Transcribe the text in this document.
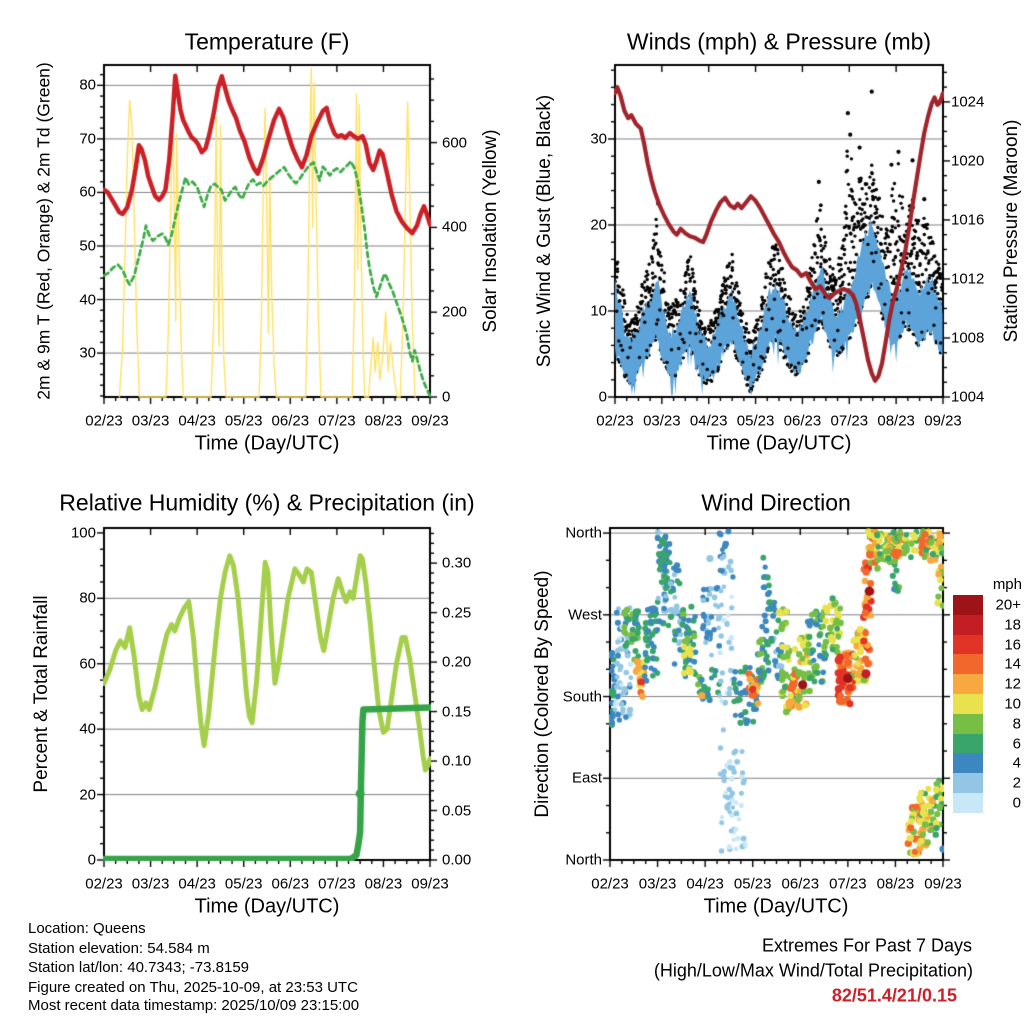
Temperature (F)	Winds (mph) & Pressure (mb)
Relative Humidity (%) & Precipitation (in)	Wind Direction
Time (Day/UTC)	Time (Day/UTC)
Time (Day/UTC)	Time (Day/UTC)
2m & 9m T (Red, Orange) & 2m Td (Green)	Solar Insolation (Yellow) Sonic Wind & Gust (Blue, Black)	Station Pressure (Maroon)
Percent & Total Rainfall	Direction (Colored By Speed)
02/23 03/23 04/23 05/23 06/23 07/23 08/23 09/23
30
40
50
60
70
80
0
200
400
600
02/23 03/23 04/23 05/23 06/23 07/23 08/23 09/23
0
10
20
30
1004
1008
1012
1016
1020
1024
02/23 03/23 04/23 05/23 06/23 07/23 08/23 09/23
0
20
40
60
80
100
0.00
0.05
0.10
0.15
0.20
0.25
0.30
02/23 03/23 04/23 05/23 06/23 07/23 08/23 09/23
North
West
South
East
North
mph
20+
18
16
14
12
10
8
6
4
2
0
Location: Queens
Station elevation: 54.584 m
Station lat/lon: 40.7343; -73.8159
Figure created on Thu, 2025-10-09, at 23:53 UTC
Most recent data timestamp: 2025/10/09 23:15:00
Extremes For Past 7 Days
(High/Low/Max Wind/Total Precipitation)
82/51.4/21/0.15
